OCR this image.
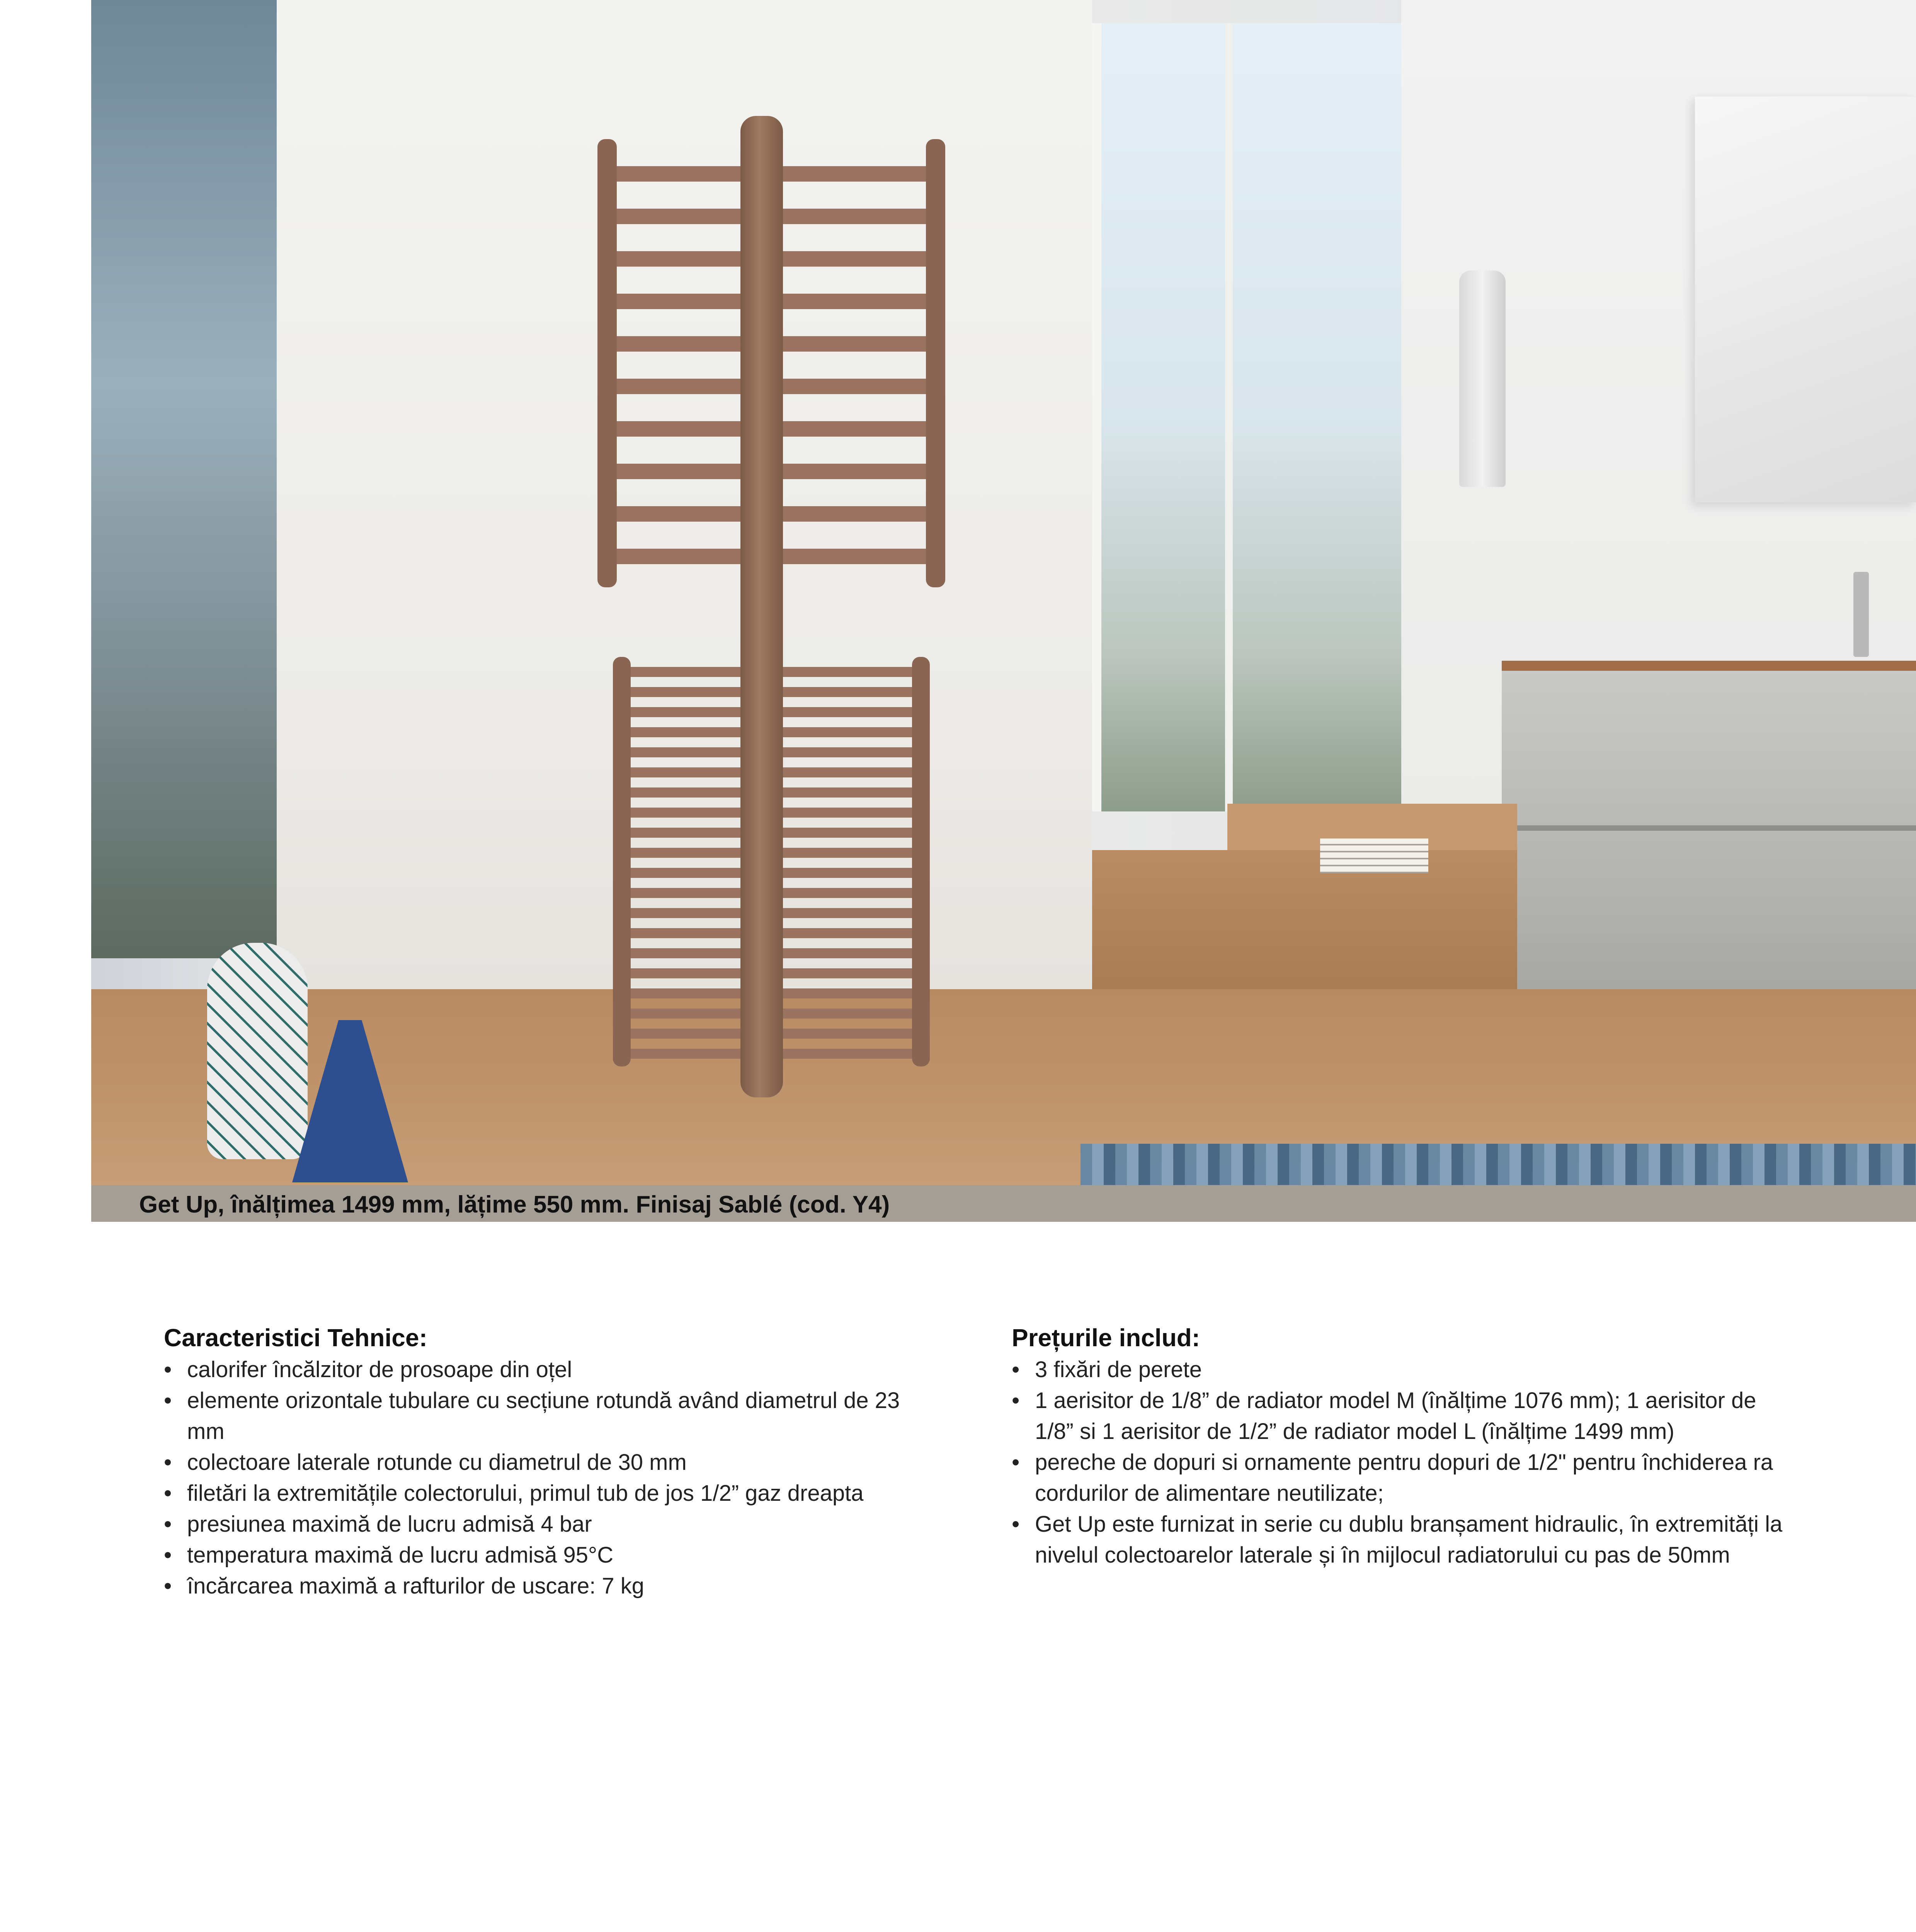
Get Up, înălțimea 1499 mm, lățime 550 mm. Finisaj Sablé (cod. Y4)
Caracteristici Tehnice:
• calorifer încălzitor de prosoape din oțel
• elemente orizontale tubulare cu secțiune rotundă având diametrul de 23 mm
• colectoare laterale rotunde cu diametrul de 30 mm
• filetări la extremitățile colectorului, primul tub de jos 1/2” gaz dreapta
• presiunea maximă de lucru admisă 4 bar
• temperatura maximă de lucru admisă 95°C
• încărcarea maximă a rafturilor de uscare: 7 kg
Prețurile includ:
• 3 fixări de perete
• 1 aerisitor de 1/8” de radiator model M (înălțime 1076 mm); 1 aerisitor de 1/8” si 1 aerisitor de 1/2” de radiator model L (înălțime 1499 mm)
• pereche de dopuri si ornamente pentru dopuri de 1/2" pentru închiderea ra cordurilor de alimentare neutilizate;
• Get Up este furnizat in serie cu dublu branșament hidraulic, în extremități la nivelul colectoarelor laterale și în mijlocul radiatorului cu pas de 50mm
